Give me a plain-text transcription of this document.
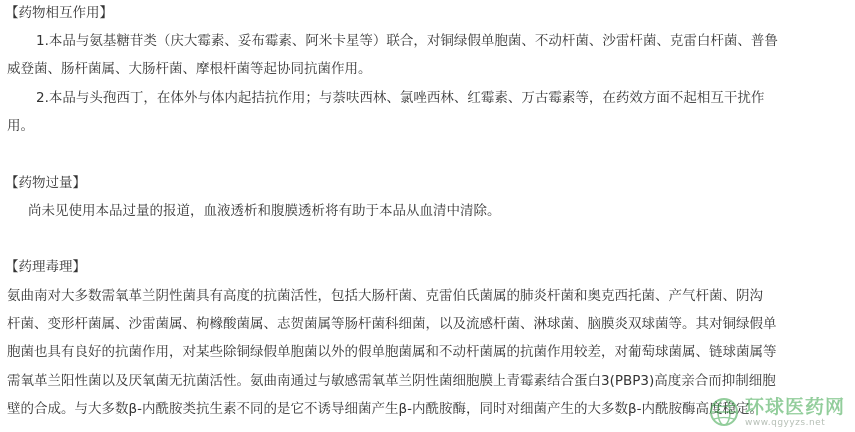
【药物相互作用】
1.本品与氨基糖苷类（庆大霉素、妥布霉素、阿米卡星等）联合，对铜绿假单胞菌、不动杆菌、沙雷杆菌、克雷白杆菌、普鲁
威登菌、肠杆菌属、大肠杆菌、摩根杆菌等起协同抗菌作用。
2.本品与头孢西丁，在体外与体内起拮抗作用；与萘呋西林、氯唑西林、红霉素、万古霉素等，在药效方面不起相互干扰作
用。
【药物过量】
尚未见使用本品过量的报道，血液透析和腹膜透析将有助于本品从血清中清除。
【药理毒理】
氨曲南对大多数需氧革兰阴性菌具有高度的抗菌活性，包括大肠杆菌、克雷伯氏菌属的肺炎杆菌和奥克西托菌、产气杆菌、阴沟
杆菌、变形杆菌属、沙雷菌属、枸橼酸菌属、志贺菌属等肠杆菌科细菌，以及流感杆菌、淋球菌、脑膜炎双球菌等。其对铜绿假单
胞菌也具有良好的抗菌作用，对某些除铜绿假单胞菌以外的假单胞菌属和不动杆菌属的抗菌作用较差，对葡萄球菌属、链球菌属等
需氧革兰阳性菌以及厌氧菌无抗菌活性。氨曲南通过与敏感需氧革兰阴性菌细胞膜上青霉素结合蛋白3(PBP3)高度亲合而抑制细胞
壁的合成。与大多数β-内酰胺类抗生素不同的是它不诱导细菌产生β-内酰胺酶，同时对细菌产生的大多数β-内酰胺酶高度稳定。
环球医药网
www.qgyyzs.net
